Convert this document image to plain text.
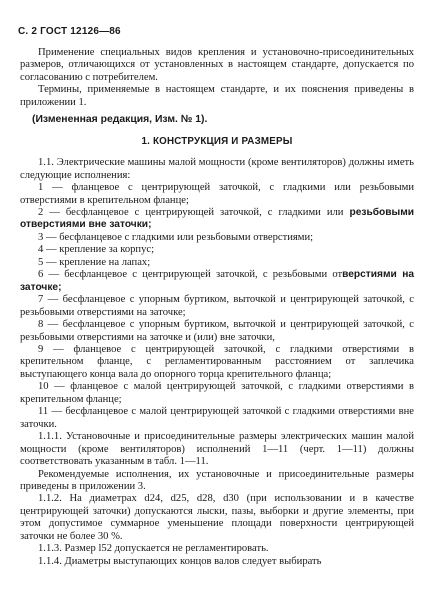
С. 2 ГОСТ 12126—86

Применение специальных видов крепления и установочно-присоединительных размеров, отличающихся от установленных в настоящем стандарте, допускается по согласованию с потребителем.

Термины, применяемые в настоящем стандарте, и их пояснения приведены в приложении 1.

(Измененная редакция, Изм. № 1).

1. КОНСТРУКЦИЯ И РАЗМЕРЫ

1.1. Электрические машины малой мощности (кроме вентиляторов) должны иметь следующие исполнения:

1 — фланцевое с центрирующей заточкой, с гладкими или резьбовыми отверстиями в крепительном фланце;

2 — бесфланцевое с центрирующей заточкой, с гладкими или резьбовыми отверстиями вне заточки;

3 — бесфланцевое с гладкими или резьбовыми отверстиями;

4 — крепление за корпус;

5 — крепление на лапах;

6 — бесфланцевое с центрирующей заточкой, с резьбовыми отверстиями на заточке;

7 — бесфланцевое с упорным буртиком, выточкой и центрирующей заточкой, с резьбовыми отверстиями на заточке;

8 — бесфланцевое с упорным буртиком, выточкой и центрирующей заточкой, с резьбовыми отверстиями на заточке и (или) вне заточки,

9 — фланцевое с центрирующей заточкой, с гладкими отверстиями в крепительном фланце, с регламентированным расстоянием от заплечика выступающего конца вала до опорного торца крепительного фланца;

10 — фланцевое с малой центрирующей заточкой, с гладкими отверстиями в крепительном фланце;

11 — бесфланцевое с малой центрирующей заточкой с гладкими отверстиями вне заточки.

1.1.1. Установочные и присоединительные размеры электрических машин малой мощности (кроме вентиляторов) исполнений 1—11 (черт. 1—11) должны соответствовать указанным в табл. 1—11.

Рекомендуемые исполнения, их установочные и присоединительные размеры приведены в приложении 3.

1.1.2. На диаметрах d24, d25, d28, d30 (при использовании и в качестве центрирующей заточки) допускаются лыски, пазы, выборки и другие элементы, при этом допустимое суммарное уменьшение площади поверхности центрирующей заточки не более 30 %.

1.1.3. Размер l52 допускается не регламентировать.

1.1.4. Диаметры выступающих концов валов следует выбирать
